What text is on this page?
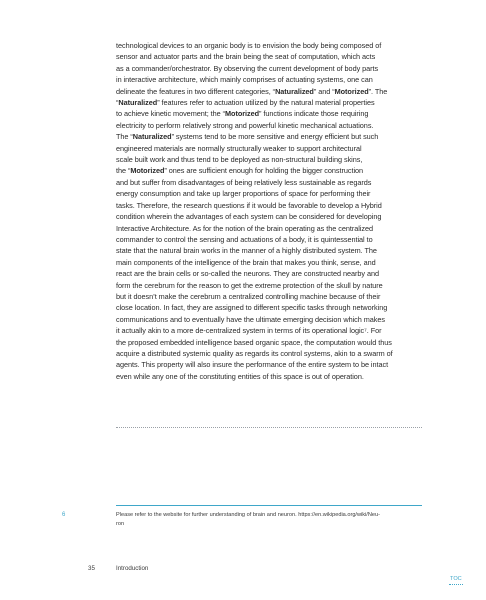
technological devices to an organic body is to envision the body being composed of
sensor and actuator parts and the brain being the seat of computation, which acts
as a commander/orchestrator. By observing the current development of body parts
in interactive architecture, which mainly comprises of actuating systems, one can
delineate the features in two different categories, “Naturalized” and “Motorized”. The
“Naturalized” features refer to actuation utilized by the natural material properties
to achieve kinetic movement; the “Motorized” functions indicate those requiring
electricity to perform relatively strong and powerful kinetic mechanical actuations.
The “Naturalized” systems tend to be more sensitive and energy efficient but such
engineered materials are normally structurally weaker to support architectural
scale built work and thus tend to be deployed as non-structural building skins,
the “Motorized” ones are sufficient enough for holding the bigger construction
and but suffer from disadvantages of being relatively less sustainable as regards
energy consumption and take up larger proportions of space for performing their
tasks. Therefore, the research questions if it would be favorable to develop a Hybrid
condition wherein the advantages of each system can be considered for developing
Interactive Architecture. As for the notion of the brain operating as the centralized
commander to control the sensing and actuations of a body, it is quintessential to
state that the natural brain works in the manner of a highly distributed system. The
main components of the intelligence of the brain that makes you think, sense, and
react are the brain cells or so-called the neurons. They are constructed nearby and
form the cerebrum for the reason to get the extreme protection of the skull by nature
but it doesn’t make the cerebrum a centralized controlling machine because of their
close location. In fact, they are assigned to different specific tasks through networking
communications and to eventually have the ultimate emerging decision which makes
it actually akin to a more de-centralized system in terms of its operational logic⁷. For
the proposed embedded intelligence based organic space, the computation would thus
acquire a distributed systemic quality as regards its control systems, akin to a swarm of
agents. This property will also insure the performance of the entire system to be intact
even while any one of the constituting entities of this space is out of operation.
6	Please refer to the website for further understanding of brain and neuron. https://en.wikipedia.org/wiki/Neu-
ron
35	Introduction
TOC
